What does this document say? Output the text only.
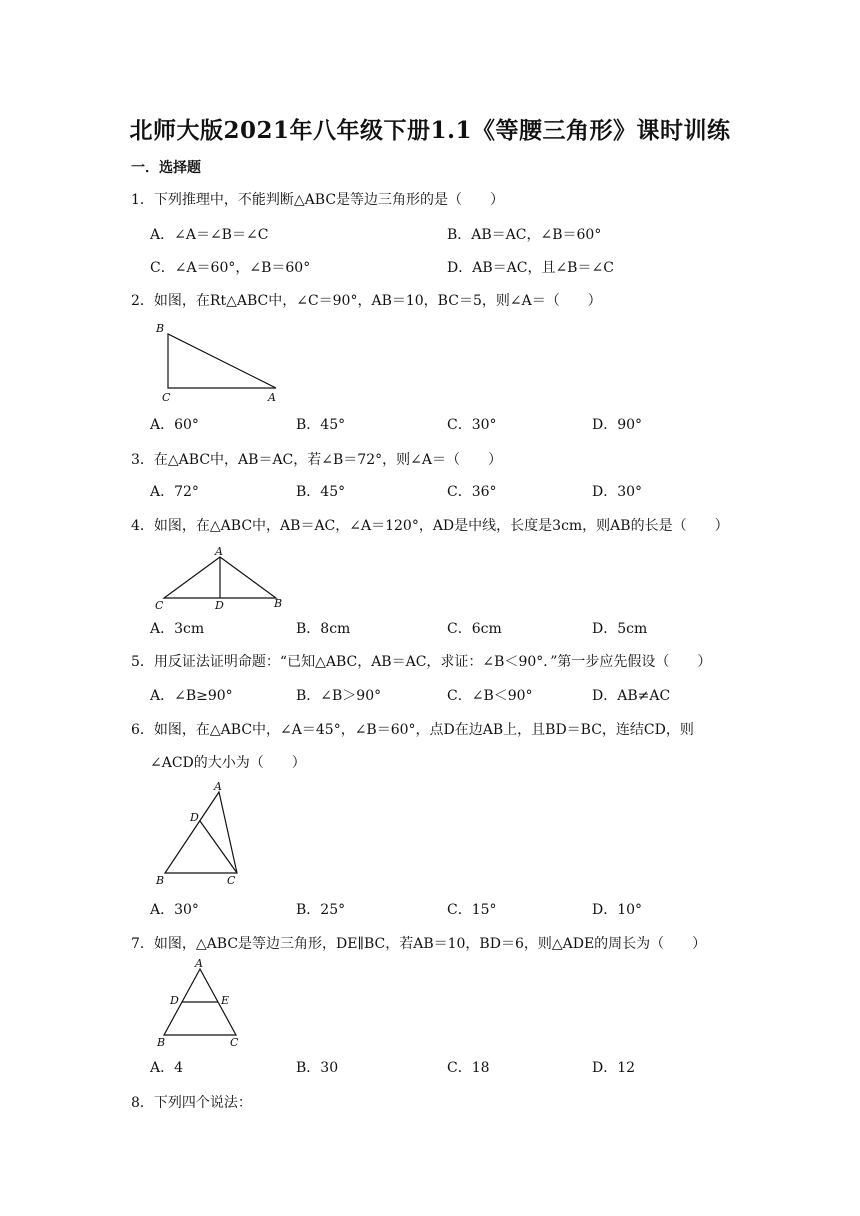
北师大版2021年八年级下册1.1《等腰三角形》课时训练
一．选择题
1．下列推理中，不能判断△ABC是等边三角形的是（　　）
A．∠A＝∠B＝∠C	B．AB＝AC，∠B＝60°
C．∠A＝60°，∠B＝60°	D．AB＝AC，且∠B＝∠C
2．如图，在Rt△ABC中，∠C＝90°，AB＝10，BC＝5，则∠A＝（　　）
B
C	A
A．60°	B．45°	C．30°	D．90°
3．在△ABC中，AB＝AC，若∠B＝72°，则∠A＝（　　）
A．72°	B．45°	C．36°	D．30°
4．如图，在△ABC中，AB＝AC，∠A＝120°，AD是中线，长度是3cm，则AB的长是（　　）
A
C	D	B
A．3cm	B．8cm	C．6cm	D．5cm
5．用反证法证明命题：“已知△ABC，AB＝AC，求证：∠B＜90°．”第一步应先假设（　　）
A．∠B≥90°	B．∠B＞90°	C．∠B＜90°	D．AB≠AC
6．如图，在△ABC中，∠A＝45°，∠B＝60°，点D在边AB上，且BD＝BC，连结CD，则
∠ACD的大小为（　　）
A
D
B	C
A．30°	B．25°	C．15°	D．10°
7．如图，△ABC是等边三角形，DE∥BC，若AB＝10，BD＝6，则△ADE的周长为（　　）
A
D	E
B	C
A．4	B．30	C．18	D．12
8．下列四个说法：
